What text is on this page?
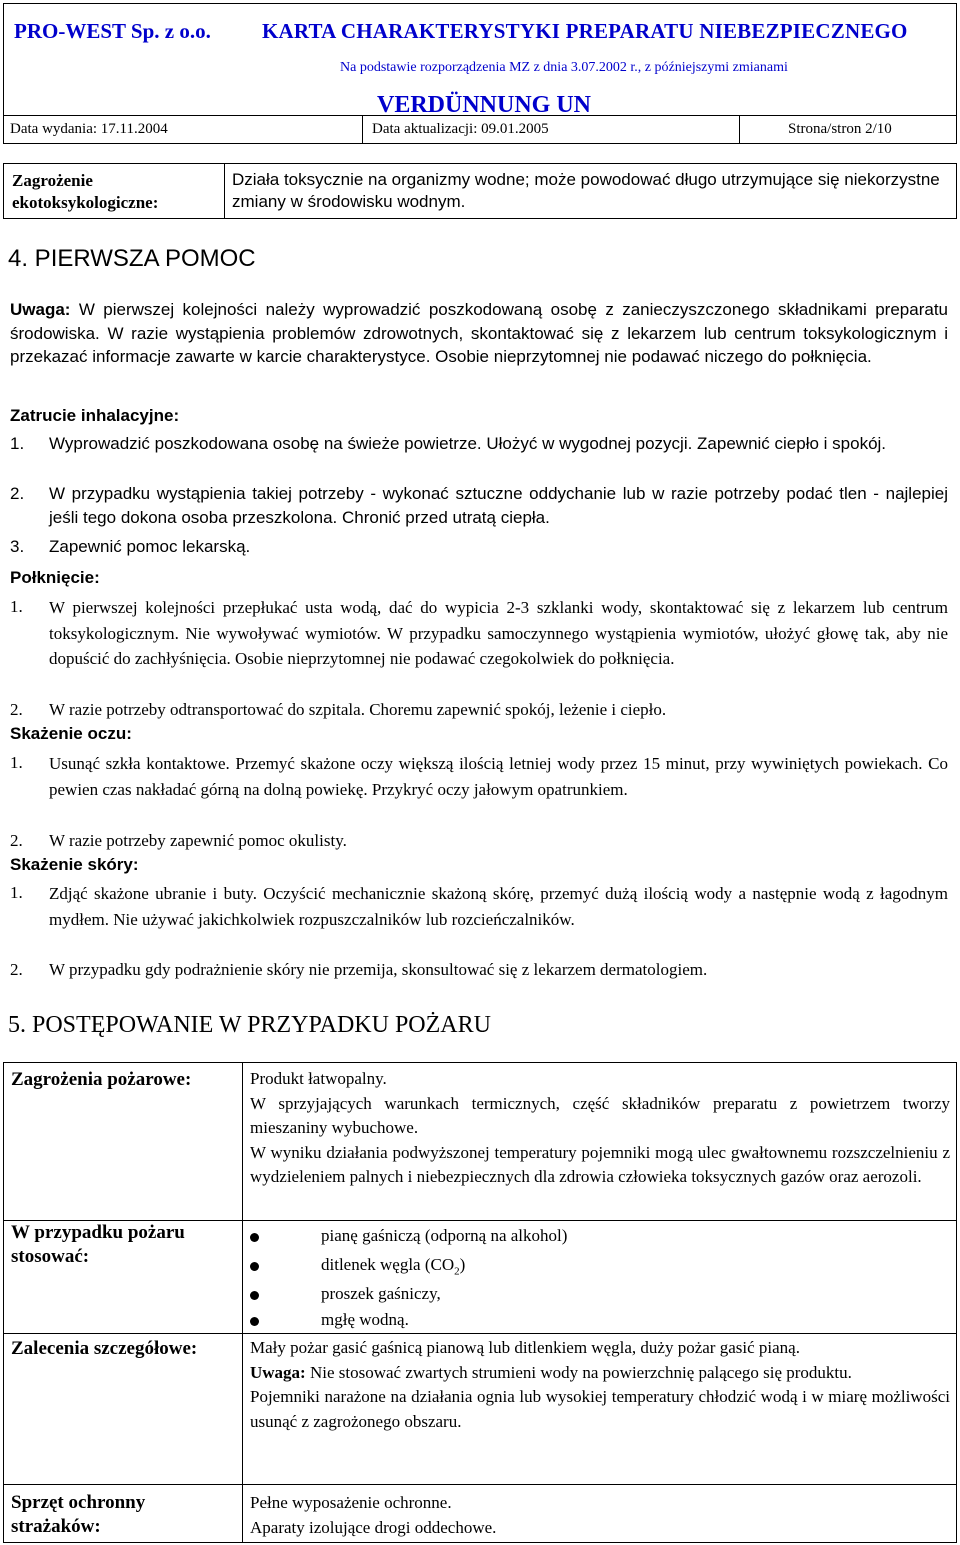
PRO-WEST Sp. z o.o. KARTA CHARAKTERYSTYKI PREPARATU NIEBEZPIECZNEGO
Na podstawie rozporządzenia MZ z dnia 3.07.2002 r., z późniejszymi zmianami
VERDÜNNUNG UN
Data wydania: 17.11.2004	Data aktualizacji: 09.01.2005	Strona/stron 2/10
Zagrożenie ekotoksykologiczne:
Działa toksycznie na organizmy wodne; może powodować długo utrzymujące się niekorzystne zmiany w środowisku wodnym.
4. PIERWSZA POMOC
Uwaga: W pierwszej kolejności należy wyprowadzić poszkodowaną osobę z zanieczyszczonego składnikami preparatu środowiska. W razie wystąpienia problemów zdrowotnych, skontaktować się z lekarzem lub centrum toksykologicznym i przekazać informacje zawarte w karcie charakterystyce. Osobie nieprzytomnej nie podawać niczego do połknięcia.
Zatrucie inhalacyjne:
1.	Wyprowadzić poszkodowana osobę na świeże powietrze. Ułożyć w wygodnej pozycji. Zapewnić ciepło i spokój.
2.	W przypadku wystąpienia takiej potrzeby - wykonać sztuczne oddychanie lub w razie potrzeby podać tlen - najlepiej jeśli tego dokona osoba przeszkolona. Chronić przed utratą ciepła.
3.	Zapewnić pomoc lekarską.
Połknięcie:
1.	W pierwszej kolejności przepłukać usta wodą, dać do wypicia 2-3 szklanki wody, skontaktować się z lekarzem lub centrum toksykologicznym. Nie wywoływać wymiotów. W przypadku samoczynnego wystąpienia wymiotów, ułożyć głowę tak, aby nie dopuścić do zachłyśnięcia. Osobie nieprzytomnej nie podawać czegokolwiek do połknięcia.
2.	W razie potrzeby odtransportować do szpitala. Choremu zapewnić spokój, leżenie i ciepło.
Skażenie oczu:
1.	Usunąć szkła kontaktowe. Przemyć skażone oczy większą ilością letniej wody przez 15 minut, przy wywiniętych powiekach. Co pewien czas nakładać górną na dolną powiekę. Przykryć oczy jałowym opatrunkiem.
2.	W razie potrzeby zapewnić pomoc okulisty.
Skażenie skóry:
1.	Zdjąć skażone ubranie i buty. Oczyścić mechanicznie skażoną skórę, przemyć dużą ilością wody a następnie wodą z łagodnym mydłem. Nie używać jakichkolwiek rozpuszczalników lub rozcieńczalników.
2.	W przypadku gdy podrażnienie skóry nie przemija, skonsultować się z lekarzem dermatologiem.
5. POSTĘPOWANIE W PRZYPADKU POŻARU
Zagrożenia pożarowe:	Produkt łatwopalny.
W sprzyjających warunkach termicznych, część składników preparatu z powietrzem tworzy mieszaniny wybuchowe.
W wyniku działania podwyższonej temperatury pojemniki mogą ulec gwałtownemu rozszczelnieniu z wydzieleniem palnych i niebezpiecznych dla zdrowia człowieka toksycznych gazów oraz aerozoli.
W przypadku pożaru stosować:
pianę gaśniczą (odporną na alkohol)
ditlenek węgla $(CO_2)$
proszek gaśniczy,
mgłę wodną.
Zalecenia szczegółowe:	Mały pożar gasić gaśnicą pianową lub ditlenkiem węgla, duży pożar gasić pianą.
Uwaga: Nie stosować zwartych strumieni wody na powierzchnię palącego się produktu.
Pojemniki narażone na działania ognia lub wysokiej temperatury chłodzić wodą i w miarę możliwości usunąć z zagrożonego obszaru.
Sprzęt ochronny strażaków:
Pełne wyposażenie ochronne.
Aparaty izolujące drogi oddechowe.
